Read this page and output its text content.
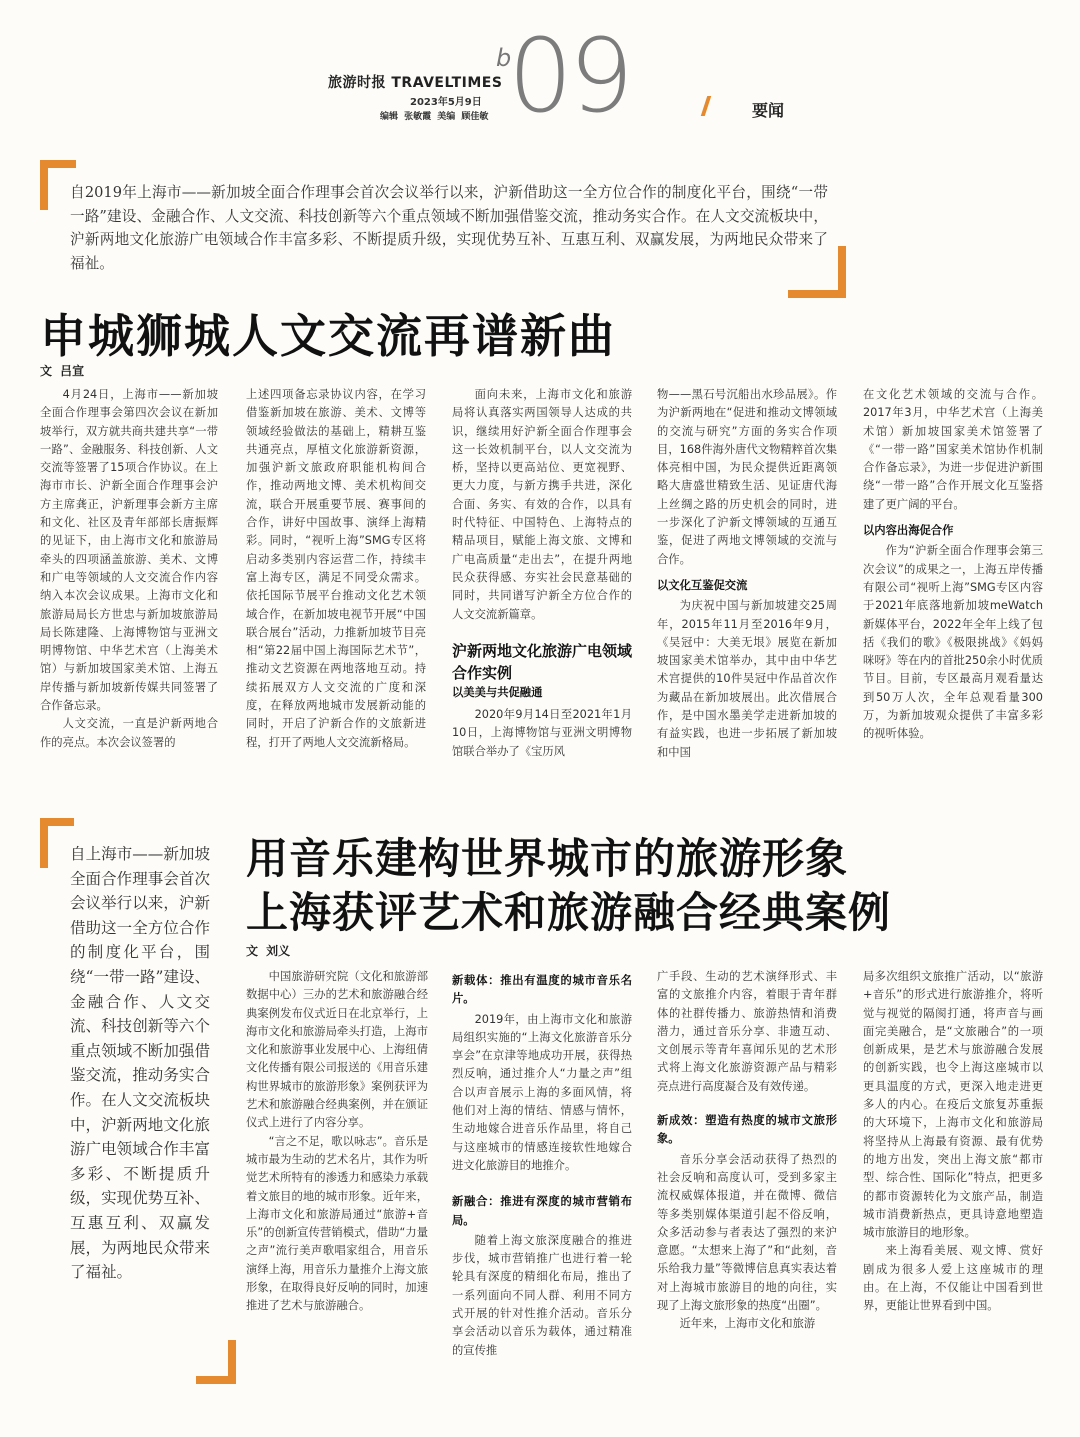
旅游时报 TRAVELTIMES
2023年5月9日
编辑 张敏霞 美编 顾佳敏
b
09	要闻
自2019年上海市——新加坡全面合作理事会首次会议举行以来，沪新借助这一全方位合作的制度化平台，围绕“一带一路”建设、金融合作、人文交流、科技创新等六个重点领域不断加强借鉴交流，推动务实合作。在人文交流板块中，沪新两地文化旅游广电领域合作丰富多彩、不断提质升级，实现优势互补、互惠互利、双赢发展，为两地民众带来了福祉。
申城狮城人文交流再谱新曲
文 吕宣

4月24日，上海市——新加坡全面合作理事会第四次会议在新加坡举行，双方就共商共建共享“一带一路”、金融服务、科技创新、人文交流等签署了15项合作协议。在上海市市长、沪新全面合作理事会沪方主席龚正，沪新理事会新方主席和文化、社区及青年部部长唐振辉的见证下，由上海市文化和旅游局牵头的四项涵盖旅游、美术、文博和广电等领域的人文交流合作内容纳入本次会议成果。上海市文化和旅游局局长方世忠与新加坡旅游局局长陈建隆、上海博物馆与亚洲文明博物馆、中华艺术宫（上海美术馆）与新加坡国家美术馆、上海五岸传播与新加坡新传媒共同签署了合作备忘录。

人文交流，一直是沪新两地合作的亮点。本次会议签署的

上述四项备忘录协议内容，在学习借鉴新加坡在旅游、美术、文博等领域经验做法的基础上，精耕互鉴共通亮点，厚植文化旅游新资源，加强沪新文旅政府职能机构间合作，推动两地文博、美术机构间交流，联合开展重要节展、赛事间的合作，讲好中国故事、演绎上海精彩。同时，“视听上海”SMG专区将启动多类别内容运营二作，持续丰富上海专区，满足不同受众需求。依托国际节展平台推动文化艺术领域合作，在新加坡电视节开展“中国联合展台”活动，力推新加坡节目亮相“第22届中国上海国际艺术节”，推动文艺资源在两地落地互动。持续拓展双方人文交流的广度和深度，在释放两地城市发展新动能的同时，开启了沪新合作的文旅新进程，打开了两地人文交流新格局。

面向未来，上海市文化和旅游局将认真落实两国领导人达成的共识，继续用好沪新全面合作理事会这一长效机制平台，以人文交流为桥，坚持以更高站位、更宽视野、更大力度，与新方携手共进，深化合面、务实、有效的合作，以具有时代特征、中国特色、上海特点的精品项目，赋能上海文旅、文博和广电高质量“走出去”，在提升两地民众获得感、夯实社会民意基础的同时，共同谱写沪新全方位合作的人文交流新篇章。

沪新两地文化旅游广电领域合作实例
以美美与共促融通

2020年9月14日至2021年1月10日，上海博物馆与亚洲文明博物馆联合举办了《宝历风

物——黑石号沉船出水珍品展》。作为沪新两地在“促进和推动文博领域的交流与研究”方面的务实合作项目，168件海外唐代文物精粹首次集体亮相中国，为民众提供近距离领略大唐盛世精致生活、见证唐代海上丝绸之路的历史机会的同时，进一步深化了沪新文博领域的互通互鉴，促进了两地文博领域的交流与合作。

以文化互鉴促交流

为庆祝中国与新加坡建交25周年，2015年11月至2016年9月，《吴冠中：大美无垠》展览在新加坡国家美术馆举办，其中由中华艺术宫提供的10件吴冠中作品首次作为藏品在新加坡展出。此次借展合作，是中国水墨美学走进新加坡的有益实践，也进一步拓展了新加坡和中国

在文化艺术领域的交流与合作。2017年3月，中华艺术宫（上海美术馆）新加坡国家美术馆签署了《“一带一路”国家美术馆协作机制合作备忘录》，为进一步促进沪新围绕“一带一路”合作开展文化互鉴搭建了更广阔的平台。

以内容出海促合作

作为“沪新全面合作理事会第三次会议”的成果之一，上海五岸传播有限公司“视听上海”SMG专区内容于2021年底落地新加坡meWatch新媒体平台，2022年全年上线了包括《我们的歌》《极限挑战》《妈妈咪呀》等在内的首批250余小时优质节目。目前，专区最高月观看量达到50万人次，全年总观看量300万，为新加坡观众提供了丰富多彩的视听体验。

自上海市——新加坡全面合作理事会首次会议举行以来，沪新借助这一全方位合作的制度化平台，围绕“一带一路”建设、金融合作、人文交流、科技创新等六个重点领域不断加强借鉴交流，推动务实合作。在人文交流板块中，沪新两地文化旅游广电领域合作丰富多彩、不断提质升级，实现优势互补、互惠互利、双赢发展，为两地民众带来了福祉。
用音乐建构世界城市的旅游形象
上海获评艺术和旅游融合经典案例
文 刘义

中国旅游研究院（文化和旅游部数据中心）三办的艺术和旅游融合经典案例发布仪式近日在北京举行，上海市文化和旅游局牵头打造，上海市文化和旅游事业发展中心、上海纽倩文化传播有限公司报送的《用音乐建构世界城市的旅游形象》案例获评为艺术和旅游融合经典案例，并在颁证仪式上进行了内容分享。

“言之不足，歌以咏志”。音乐是城市最为生动的艺术名片，其作为听觉艺术所特有的渗透力和感染力承载着文旅目的地的城市形象。近年来，上海市文化和旅游局通过“旅游+音乐”的创新宣传营销模式，借助“力量之声”流行美声歌唱家组合，用音乐演绎上海，用音乐力量推介上海文旅形象，在取得良好反响的同时，加速推进了艺术与旅游融合。

新载体：推出有温度的城市音乐名片。

2019年，由上海市文化和旅游局组织实施的“上海文化旅游音乐分享会”在京津等地成功开展，获得热烈反响，通过推介人“力量之声”组合以声音展示上海的多面风情，将他们对上海的情结、情感与情怀，生动地嫁合进音乐作品里，将自己与这座城市的情感连接软性地嫁合进文化旅游目的地推介。

新融合：推进有深度的城市营销布局。

随着上海文旅深度融合的推进步伐，城市营销推广也进行着一轮轮具有深度的精细化布局，推出了一系列面向不同人群、利用不同方式开展的针对性推介活动。音乐分享会活动以音乐为载体，通过精准的宣传推

广手段、生动的艺术演绎形式、丰富的文旅推介内容，着眼于青年群体的社群传播力、旅游热情和消费潜力，通过音乐分享、非遗互动、文创展示等青年喜闻乐见的艺术形式将上海文化旅游资源产品与精彩亮点进行高度凝合及有效传递。

新成效：塑造有热度的城市文旅形象。

音乐分享会活动获得了热烈的社会反响和高度认可，受到多家主流权威媒体报道，并在微博、微信等多类别媒体渠道引起不俗反响，众多活动参与者表达了强烈的来沪意愿。“太想来上海了”和“此刻，音乐给我力量”等微博信息真实表达着对上海城市旅游目的地的向往，实现了上海文旅形象的热度“出圈”。

近年来，上海市文化和旅游

局多次组织文旅推广活动，以“旅游+音乐”的形式进行旅游推介，将听觉与视觉的隔阂打通，将声音与画面完美融合，是“文旅融合”的一项创新成果，是艺术与旅游融合发展的创新实践，也令上海这座城市以更具温度的方式，更深入地走进更多人的内心。在疫后文旅复苏重振的大环境下，上海市文化和旅游局将坚持从上海最有资源、最有优势的地方出发，突出上海文旅“都市型、综合性、国际化”特点，把更多的都市资源转化为文旅产品，制造城市消费新热点，更具诗意地塑造城市旅游目的地形象。

来上海看美展、观文博、赏好剧成为很多人爱上这座城市的理由。在上海，不仅能让中国看到世界，更能让世界看到中国。
